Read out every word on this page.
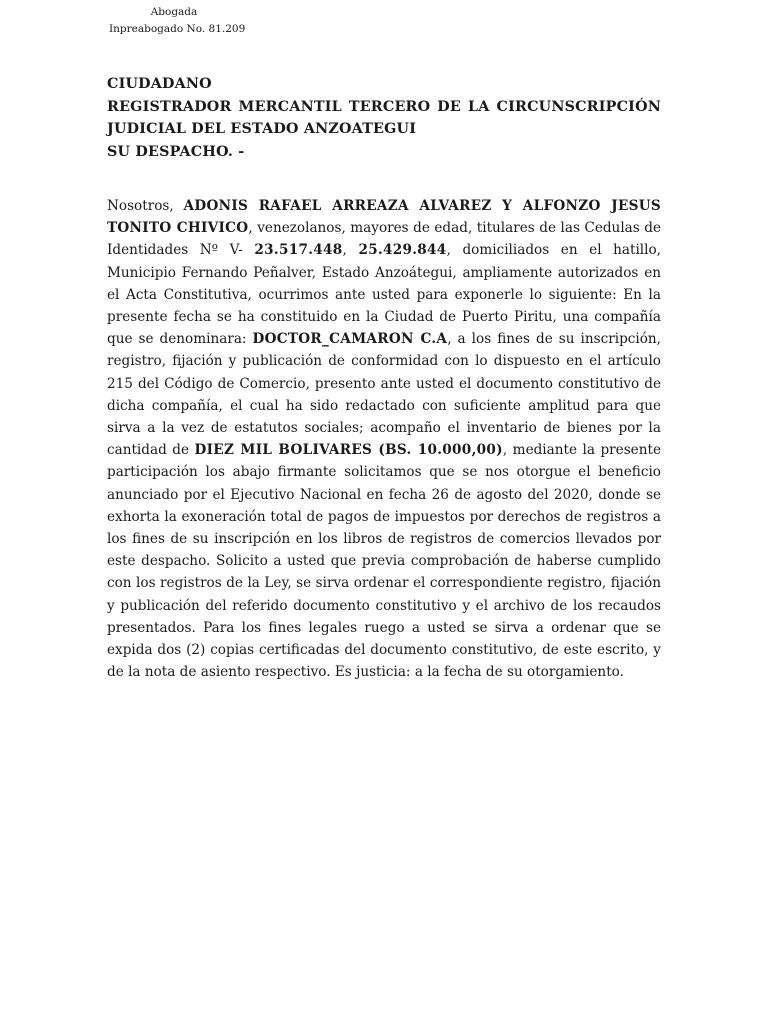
Abogada
Inpreabogado No. 81.209
CIUDADANO
REGISTRADOR MERCANTIL TERCERO DE LA CIRCUNSCRIPCIÓN
JUDICIAL DEL ESTADO ANZOATEGUI
SU DESPACHO. -
Nosotros, ADONIS RAFAEL ARREAZA ALVAREZ Y ALFONZO JESUS TONITO CHIVICO, venezolanos, mayores de edad, titulares de las Cedulas de Identidades Nº V- 23.517.448, 25.429.844, domiciliados en el hatillo, Municipio Fernando Peñalver, Estado Anzoátegui, ampliamente autorizados en el Acta Constitutiva, ocurrimos ante usted para exponerle lo siguiente: En la presente fecha se ha constituido en la Ciudad de Puerto Piritu, una compañía que se denominara: DOCTOR_CAMARON C.A, a los fines de su inscripción, registro, fijación y publicación de conformidad con lo dispuesto en el artículo 215 del Código de Comercio, presento ante usted el documento constitutivo de dicha compañía, el cual ha sido redactado con suficiente amplitud para que sirva a la vez de estatutos sociales; acompaño el inventario de bienes por la cantidad de DIEZ MIL BOLIVARES (BS. 10.000,00), mediante la presente participación los abajo firmante solicitamos que se nos otorgue el beneficio anunciado por el Ejecutivo Nacional en fecha 26 de agosto del 2020, donde se exhorta la exoneración total de pagos de impuestos por derechos de registros a los fines de su inscripción en los libros de registros de comercios llevados por este despacho. Solicito a usted que previa comprobación de haberse cumplido con los registros de la Ley, se sirva ordenar el correspondiente registro, fijación y publicación del referido documento constitutivo y el archivo de los recaudos presentados. Para los fines legales ruego a usted se sirva a ordenar que se expida dos (2) copias certificadas del documento constitutivo, de este escrito, y de la nota de asiento respectivo. Es justicia: a la fecha de su otorgamiento.
